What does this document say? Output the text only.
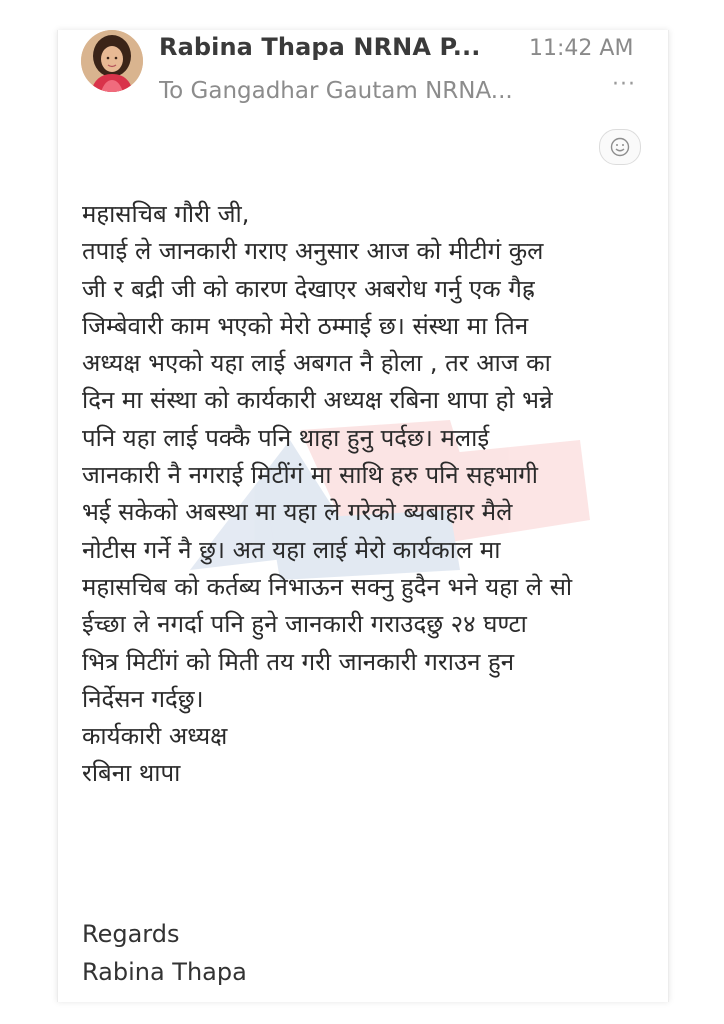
Rabina Thapa NRNA P...	11:42 AM
To Gangadhar Gautam NRNA...	···
महासचिब गौरी जी,
तपाई ले जानकारी गराए अनुसार आज को मीटीगं कुल
जी र बद्री जी को कारण देखाएर अबरोध गर्नु एक गैह्र
जिम्बेवारी काम भएको मेरो ठम्माई छ। संस्था मा तिन
अध्यक्ष भएको यहा लाई अबगत नै होला , तर आज का
दिन मा संस्था को कार्यकारी अध्यक्ष रबिना थापा हो भन्ने
पनि यहा लाई पक्कै पनि थाहा हुनु पर्दछ। मलाई
जानकारी नै नगराई मिटींगं मा साथि हरु पनि सहभागी
भई सकेको अबस्था मा यहा ले गरेको ब्यबाहार मैले
नोटीस गर्ने नै छु। अत यहा लाई मेरो कार्यकाल मा
महासचिब को कर्तब्य निभाऊन सक्नु हुदैन भने यहा ले सो
ईच्छा ले नगर्दा पनि हुने जानकारी गराउदछु २४ घण्टा
भित्र मिटींगं को मिती तय गरी जानकारी गराउन हुन
निर्देसन गर्दछु।
कार्यकारी अध्यक्ष
रबिना थापा
Regards
Rabina Thapa
